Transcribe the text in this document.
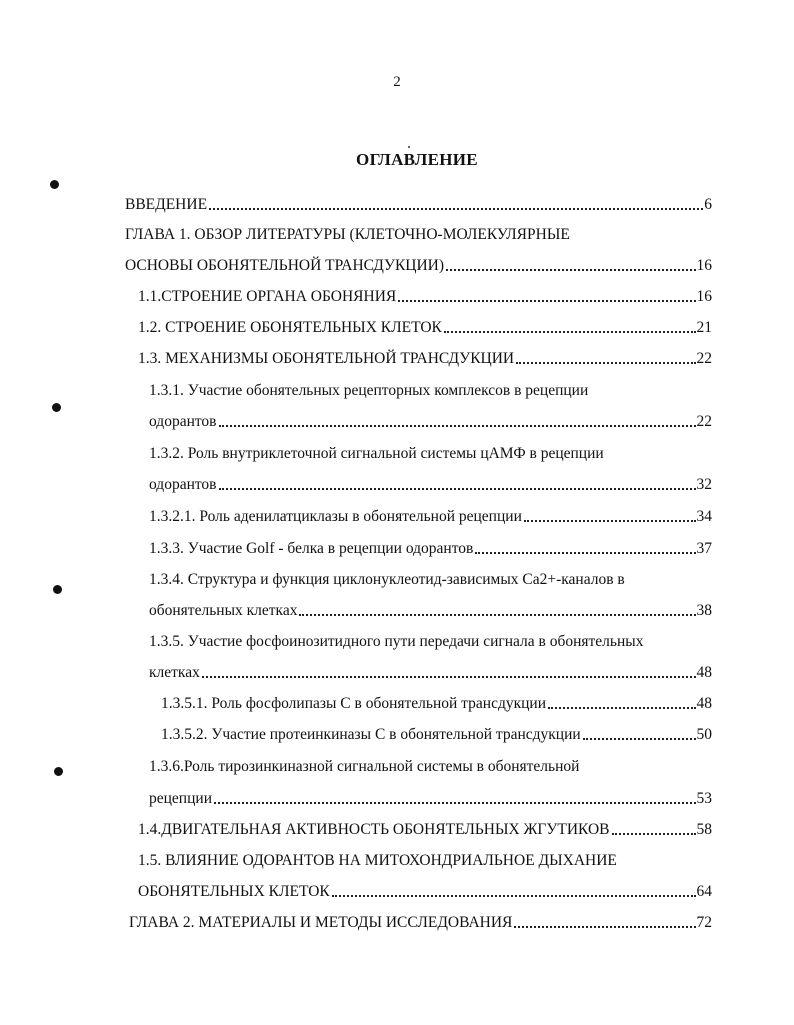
2
ОГЛАВЛЕНИЕ
ВВЕДЕНИЕ	6
ГЛАВА 1. ОБЗОР ЛИТЕРАТУРЫ (КЛЕТОЧНО-МОЛЕКУЛЯРНЫЕ
ОСНОВЫ ОБОНЯТЕЛЬНОЙ ТРАНСДУКЦИИ)	16
1.1.СТРОЕНИЕ ОРГАНА ОБОНЯНИЯ	16
1.2. СТРОЕНИЕ ОБОНЯТЕЛЬНЫХ КЛЕТОК	21
1.3. МЕХАНИЗМЫ ОБОНЯТЕЛЬНОЙ ТРАНСДУКЦИИ	22
1.3.1. Участие обонятельных рецепторных комплексов в рецепции
одорантов	22
1.3.2. Роль внутриклеточной сигнальной системы цАМФ в рецепции
одорантов	32
1.3.2.1. Роль аденилатциклазы в обонятельной рецепции	34
1.3.3. Участие Golf - белка в рецепции одорантов	37
1.3.4. Структура и функция циклонуклеотид-зависимых Са2+-каналов в
обонятельных клетках	38
1.3.5. Участие фосфоинозитидного пути передачи сигнала в обонятельных
клетках	48
1.3.5.1. Роль фосфолипазы С в обонятельной трансдукции	48
1.3.5.2. Участие протеинкиназы С в обонятельной трансдукции	50
1.3.6.Роль тирозинкиназной сигнальной системы в обонятельной
рецепции	53
1.4.ДВИГАТЕЛЬНАЯ АКТИВНОСТЬ ОБОНЯТЕЛЬНЫХ ЖГУТИКОВ	58
1.5. ВЛИЯНИЕ ОДОРАНТОВ НА МИТОХОНДРИАЛЬНОЕ ДЫХАНИЕ
ОБОНЯТЕЛЬНЫХ КЛЕТОК	64
ГЛАВА 2. МАТЕРИАЛЫ И МЕТОДЫ ИССЛЕДОВАНИЯ	72
